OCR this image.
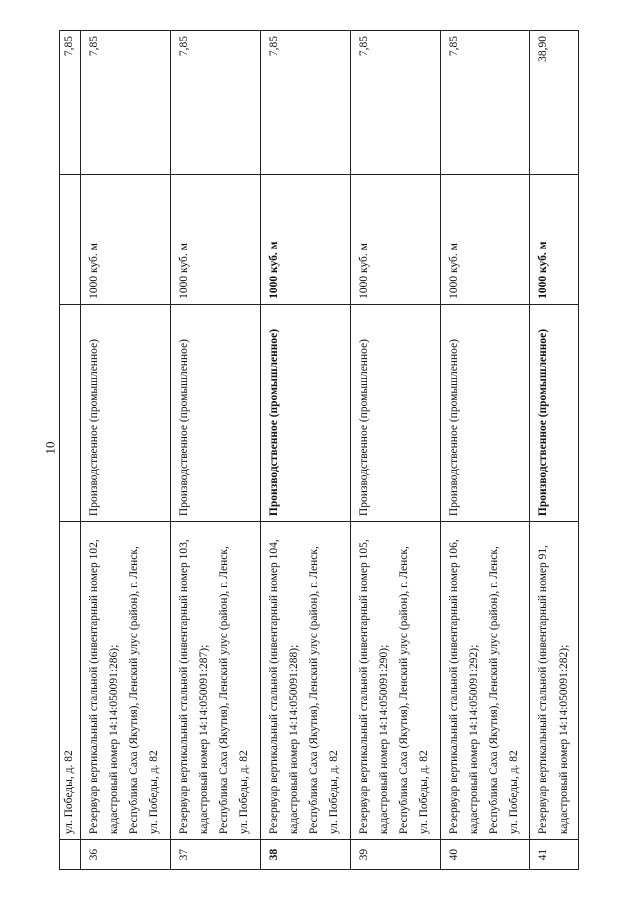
10
	ул. Победы, д. 82			7,85
36	Резервуар вертикальный стальной (инвентарный номер 102, кадастровый номер 14:14:050091:286); Республика Саха (Якутия), Ленский улус (район), г. Ленск, ул. Победы, д. 82	Производственное (промышленное)	1000 куб. м	7,85
37	Резервуар вертикальный стальной (инвентарный номер 103, кадастровый номер 14:14:050091:287); Республика Саха (Якутия), Ленский улус (район), г. Ленск, ул. Победы, д. 82	Производственное (промышленное)	1000 куб. м	7,85
38	Резервуар вертикальный стальной (инвентарный номер 104, кадастровый номер 14:14:050091:288); Республика Саха (Якутия), Ленский улус (район), г. Ленск, ул. Победы, д. 82	Производственное (промышленное)	1000 куб. м	7,85
39	Резервуар вертикальный стальной (инвентарный номер 105, кадастровый номер 14:14:050091:290); Республика Саха (Якутия), Ленский улус (район), г. Ленск, ул. Победы, д. 82	Производственное (промышленное)	1000 куб. м	7,85
40	Резервуар вертикальный стальной (инвентарный номер 106, кадастровый номер 14:14:050091:292); Республика Саха (Якутия), Ленский улус (район), г. Ленск, ул. Победы, д. 82	Производственное (промышленное)	1000 куб. м	7,85
41	Резервуар вертикальный стальной (инвентарный номер 91, кадастровый номер 14:14:050091:282);	Производственное (промышленное)	1000 куб. м	38,90
